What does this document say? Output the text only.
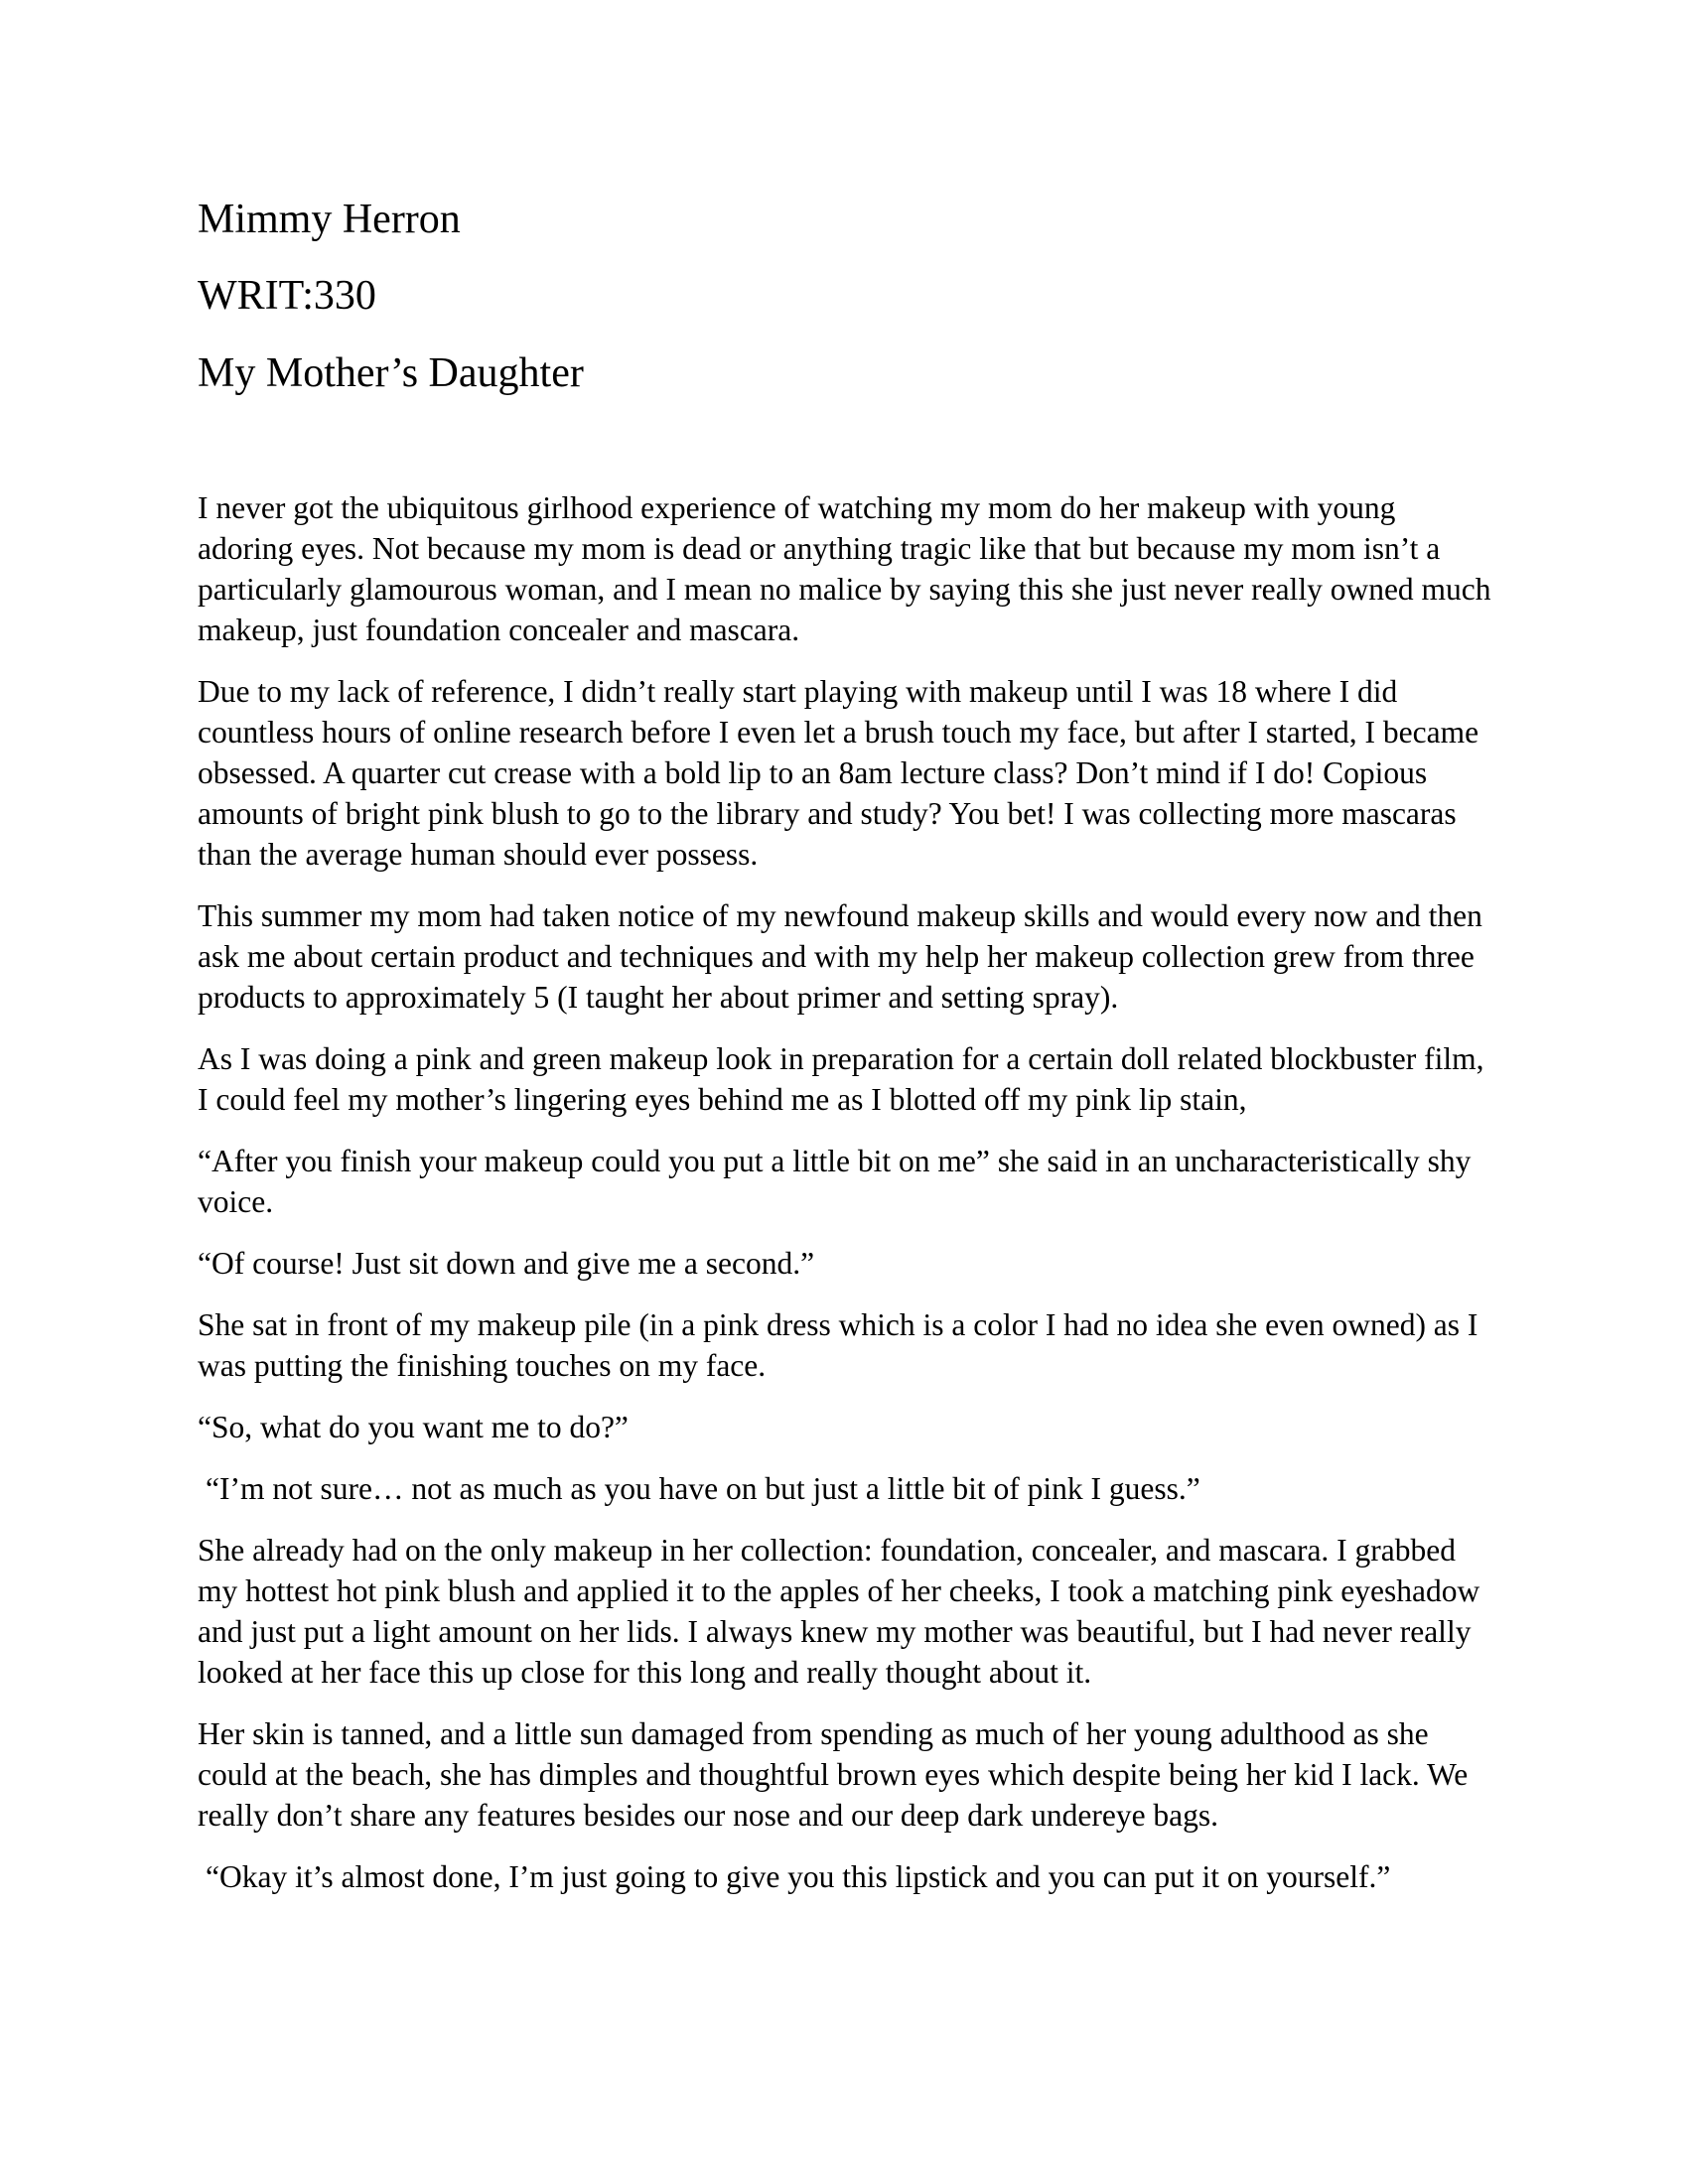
Mimmy Herron
WRIT:330
My Mother’s Daughter

I never got the ubiquitous girlhood experience of watching my mom do her makeup with young adoring eyes. Not because my mom is dead or anything tragic like that but because my mom isn’t a particularly glamourous woman, and I mean no malice by saying this she just never really owned much makeup, just foundation concealer and mascara.

Due to my lack of reference, I didn’t really start playing with makeup until I was 18 where I did countless hours of online research before I even let a brush touch my face, but after I started, I became obsessed. A quarter cut crease with a bold lip to an 8am lecture class? Don’t mind if I do! Copious amounts of bright pink blush to go to the library and study? You bet! I was collecting more mascaras than the average human should ever possess.

This summer my mom had taken notice of my newfound makeup skills and would every now and then ask me about certain product and techniques and with my help her makeup collection grew from three products to approximately 5 (I taught her about primer and setting spray).

As I was doing a pink and green makeup look in preparation for a certain doll related blockbuster film, I could feel my mother’s lingering eyes behind me as I blotted off my pink lip stain,

“After you finish your makeup could you put a little bit on me” she said in an uncharacteristically shy voice.

“Of course! Just sit down and give me a second.”

She sat in front of my makeup pile (in a pink dress which is a color I had no idea she even owned) as I was putting the finishing touches on my face.

“So, what do you want me to do?”

“I’m not sure… not as much as you have on but just a little bit of pink I guess.”

She already had on the only makeup in her collection: foundation, concealer, and mascara. I grabbed my hottest hot pink blush and applied it to the apples of her cheeks, I took a matching pink eyeshadow and just put a light amount on her lids. I always knew my mother was beautiful, but I had never really looked at her face this up close for this long and really thought about it.

Her skin is tanned, and a little sun damaged from spending as much of her young adulthood as she could at the beach, she has dimples and thoughtful brown eyes which despite being her kid I lack. We really don’t share any features besides our nose and our deep dark undereye bags.

“Okay it’s almost done, I’m just going to give you this lipstick and you can put it on yourself.”
